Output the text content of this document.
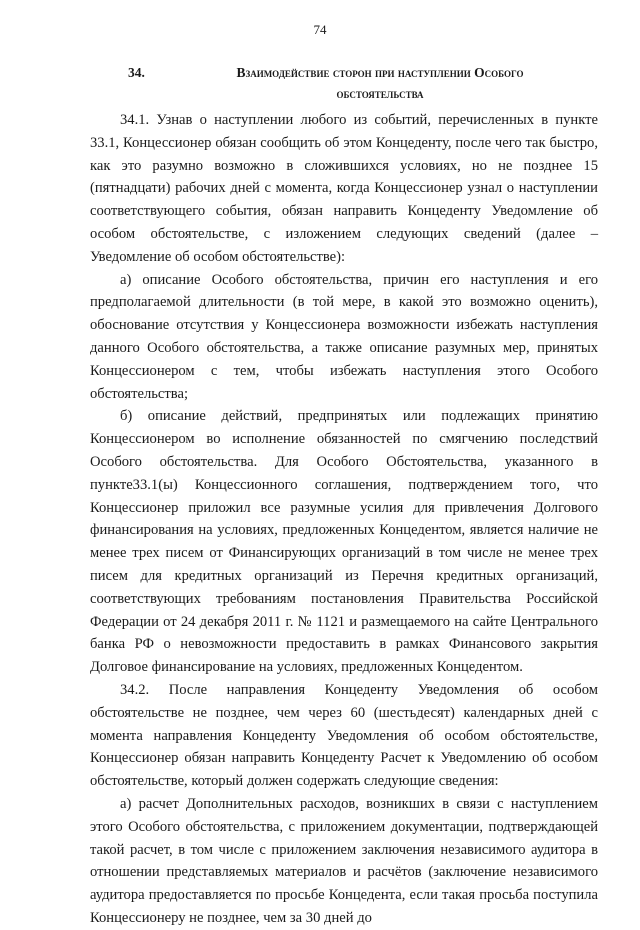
74
34.	Взаимодействие сторон при наступлении Особого обстоятельства

34.1. Узнав о наступлении любого из событий, перечисленных в пункте 33.1, Концессионер обязан сообщить об этом Концеденту, после чего так быстро, как это разумно возможно в сложившихся условиях, но не позднее 15 (пятнадцати) рабочих дней с момента, когда Концессионер узнал о наступлении соответствующего события, обязан направить Концеденту Уведомление об особом обстоятельстве, с изложением следующих сведений (далее – Уведомление об особом обстоятельстве):

а) описание Особого обстоятельства, причин его наступления и его предполагаемой длительности (в той мере, в какой это возможно оценить), обоснование отсутствия у Концессионера возможности избежать наступления данного Особого обстоятельства, а также описание разумных мер, принятых Концессионером с тем, чтобы избежать наступления этого Особого обстоятельства;

б) описание действий, предпринятых или подлежащих принятию Концессионером во исполнение обязанностей по смягчению последствий Особого обстоятельства. Для Особого Обстоятельства, указанного в пункте33.1(ы) Концессионного соглашения, подтверждением того, что Концессионер приложил все разумные усилия для привлечения Долгового финансирования на условиях, предложенных Концедентом, является наличие не менее трех писем от Финансирующих организаций в том числе не менее трех писем для кредитных организаций из Перечня кредитных организаций, соответствующих требованиям постановления Правительства Российской Федерации от 24 декабря 2011 г. № 1121 и размещаемого на сайте Центрального банка РФ о невозможности предоставить в рамках Финансового закрытия Долговое финансирование на условиях, предложенных Концедентом.

34.2. После направления Концеденту Уведомления об особом обстоятельстве не позднее, чем через 60 (шестьдесят) календарных дней с момента направления Концеденту Уведомления об особом обстоятельстве, Концессионер обязан направить Концеденту Расчет к Уведомлению об особом обстоятельстве, который должен содержать следующие сведения:

а) расчет Дополнительных расходов, возникших в связи с наступлением этого Особого обстоятельства, с приложением документации, подтверждающей такой расчет, в том числе с приложением заключения независимого аудитора в отношении представляемых материалов и расчётов (заключение независимого аудитора предоставляется по просьбе Концедента, если такая просьба поступила Концессионеру не позднее, чем за 30 дней до
